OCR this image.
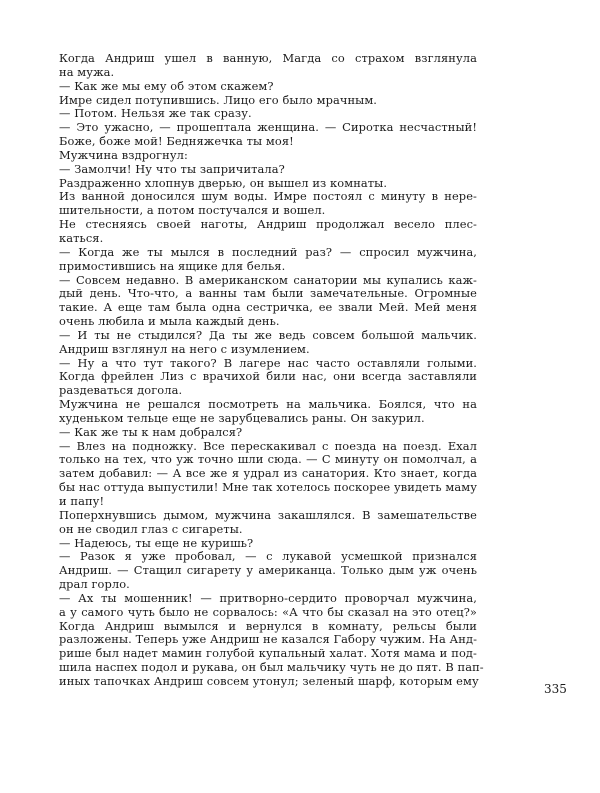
Когда Андриш ушел в ванную, Магда со страхом взглянула
на мужа.
— Как же мы ему об этом скажем?
Имре сидел потупившись. Лицо его было мрачным.
— Потом. Нельзя же так сразу.
— Это ужасно, — прошептала женщина. — Сиротка несчастный!
Боже, боже мой! Бедняжечка ты моя!
Мужчина вздрогнул:
— Замолчи! Ну что ты запричитала?
Раздраженно хлопнув дверью, он вышел из комнаты.
Из ванной доносился шум воды. Имре постоял с минуту в нере-
шительности, а потом постучался и вошел.
Не стесняясь своей наготы, Андриш продолжал весело плес-
каться.
— Когда же ты мылся в последний раз? — спросил мужчина,
примостившись на ящике для белья.
— Совсем недавно. В американском санатории мы купались каж-
дый день. Что-что, а ванны там были замечательные. Огромные
такие. А еще там была одна сестричка, ее звали Мей. Мей меня
очень любила и мыла каждый день.
— И ты не стыдился? Да ты же ведь совсем большой мальчик.
Андриш взглянул на него с изумлением.
— Ну а что тут такого? В лагере нас часто оставляли голыми.
Когда фрейлен Лиз с врачихой били нас, они всегда заставляли
раздеваться догола.
Мужчина не решался посмотреть на мальчика. Боялся, что на
худеньком тельце еще не зарубцевались раны. Он закурил.
— Как же ты к нам добрался?
— Влез на подножку. Все перескакивал с поезда на поезд. Ехал
только на тех, что уж точно шли сюда. — С минуту он помолчал, а
затем добавил: — А все же я удрал из санатория. Кто знает, когда
бы нас оттуда выпустили! Мне так хотелось поскорее увидеть маму
и папу!
Поперхнувшись дымом, мужчина закашлялся. В замешательстве
он не сводил глаз с сигареты.
— Надеюсь, ты еще не куришь?
— Разок я уже пробовал, — с лукавой усмешкой признался
Андриш. — Стащил сигарету у американца. Только дым уж очень
драл горло.
— Ах ты мошенник! — притворно-сердито проворчал мужчина,
а у самого чуть было не сорвалось: «А что бы сказал на это отец?»
Когда Андриш вымылся и вернулся в комнату, рельсы были
разложены. Теперь уже Андриш не казался Габору чужим. На Анд-
рише был надет мамин голубой купальный халат. Хотя мама и под-
шила наспех подол и рукава, он был мальчику чуть не до пят. В пап-
иных тапочках Андриш совсем утонул; зеленый шарф, которым ему
335
